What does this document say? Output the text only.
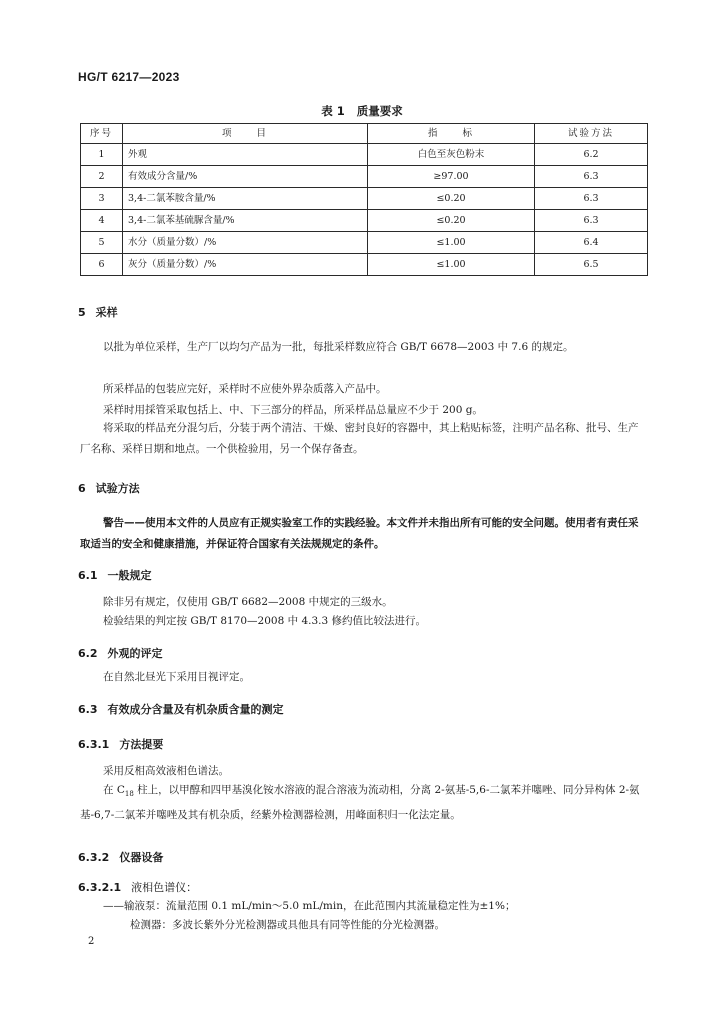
HG/T 6217—2023
表 1 质量要求
序号	项　　目	指　　标	试验方法
1	外观	白色至灰色粉末	6.2
2	有效成分含量/%	≥97.00	6.3
3	3,4-二氯苯胺含量/%	≤0.20	6.3
4	3,4-二氯苯基硫脲含量/%	≤0.20	6.3
5	水分（质量分数）/%	≤1.00	6.4
6	灰分（质量分数）/%	≤1.00	6.5
5 采样
以批为单位采样，生产厂以均匀产品为一批，每批采样数应符合 GB/T 6678—2003 中 7.6 的规定。
所采样品的包装应完好，采样时不应使外界杂质落入产品中。
采样时用採管采取包括上、中、下三部分的样品，所采样品总量应不少于 200 g。
将采取的样品充分混匀后，分装于两个清洁、干燥、密封良好的容器中，其上粘贴标签，注明产品名称、批号、生产厂名称、采样日期和地点。一个供检验用，另一个保存备查。
6 试验方法
警告——使用本文件的人员应有正规实验室工作的实践经验。本文件并未指出所有可能的安全问题。使用者有责任采取适当的安全和健康措施，并保证符合国家有关法规规定的条件。
6.1 一般规定
除非另有规定，仅使用 GB/T 6682—2008 中规定的三级水。
检验结果的判定按 GB/T 8170—2008 中 4.3.3 修约值比较法进行。
6.2 外观的评定
在自然北昼光下采用目视评定。
6.3 有效成分含量及有机杂质含量的测定
6.3.1 方法提要
采用反相高效液相色谱法。
在 $C_{18}$ 柱上，以甲醇和四甲基溴化铵水溶液的混合溶液为流动相，分离 2-氨基-5,6-二氯苯并噻唑、同分异构体 2-氨基-6,7-二氯苯并噻唑及其有机杂质，经紫外检测器检测，用峰面积归一化法定量。
6.3.2 仪器设备
6.3.2.1 液相色谱仪：
——输液泵：流量范围 0.1 mL/min～5.0 mL/min，在此范围内其流量稳定性为±1%；
检测器：多波长紫外分光检测器或具他具有同等性能的分光检测器。
2
